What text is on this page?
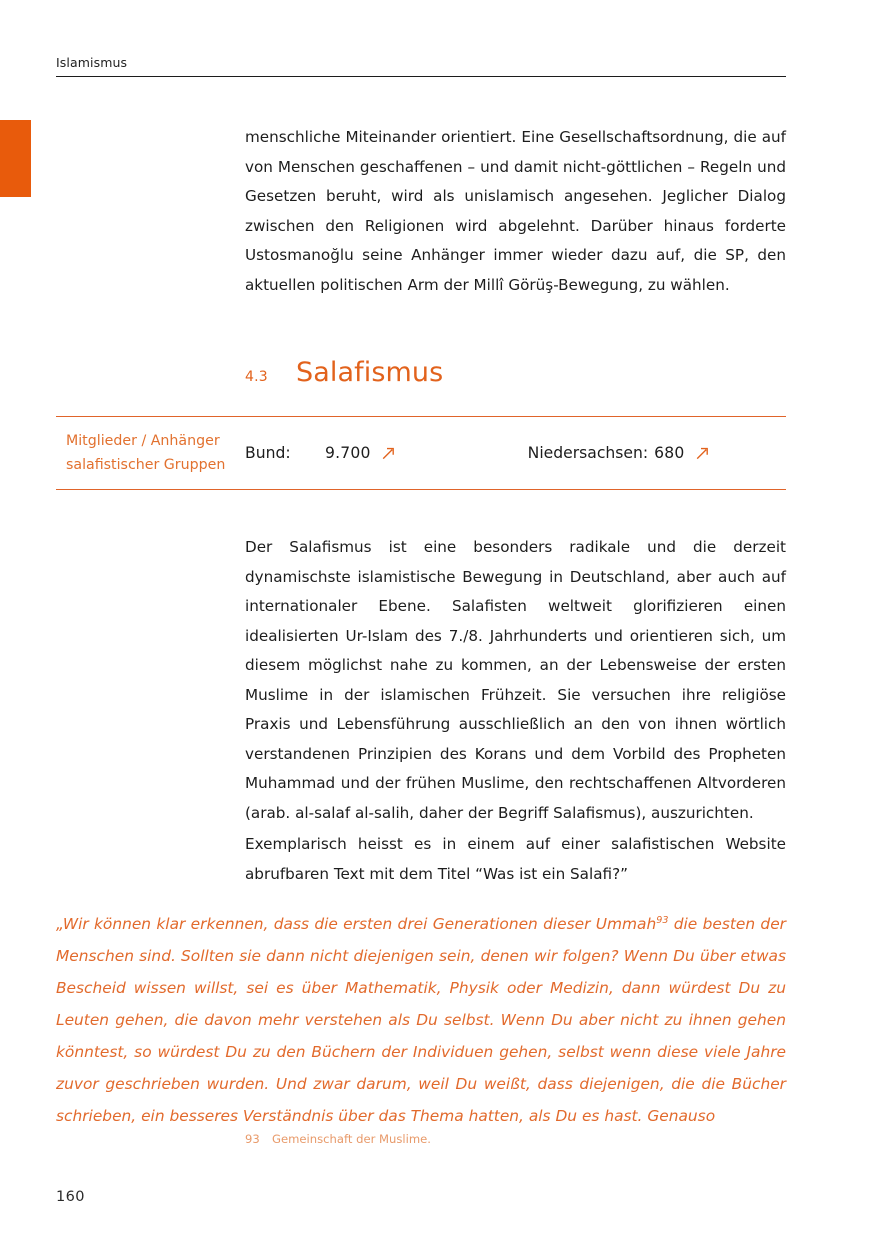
Islamismus

menschliche Miteinander orientiert. Eine Gesellschaftsordnung, die auf von Menschen geschaffenen – und damit nicht-göttlichen – Regeln und Gesetzen beruht, wird als unislamisch angesehen. Jeglicher Dialog zwischen den Religionen wird abgelehnt. Darüber hinaus forderte Ustosmanoğlu seine Anhänger immer wieder dazu auf, die SP, den aktuellen politischen Arm der Millî Görüş-Bewegung, zu wählen.

4.3	Salafismus
Mitglieder / Anhänger salafistischer Gruppen
Bund:	9.700	Niedersachsen: 680

Der Salafismus ist eine besonders radikale und die derzeit dynamischste islamistische Bewegung in Deutschland, aber auch auf internationaler Ebene. Salafisten weltweit glorifizieren einen idealisierten Ur-Islam des 7./8. Jahrhunderts und orientieren sich, um diesem möglichst nahe zu kommen, an der Lebensweise der ersten Muslime in der islamischen Frühzeit. Sie versuchen ihre religiöse Praxis und Lebensführung ausschließlich an den von ihnen wörtlich verstandenen Prinzipien des Korans und dem Vorbild des Propheten Muhammad und der frühen Muslime, den rechtschaffenen Altvorderen (arab. al-salaf al-salih, daher der Begriff Salafismus), auszurichten.

Exemplarisch heisst es in einem auf einer salafistischen Website abrufbaren Text mit dem Titel “Was ist ein Salafi?”

„Wir können klar erkennen, dass die ersten drei Generationen dieser Ummah$^{93}$ die besten der Menschen sind. Sollten sie dann nicht diejenigen sein, denen wir folgen? Wenn Du über etwas Bescheid wissen willst, sei es über Mathematik, Physik oder Medizin, dann würdest Du zu Leuten gehen, die davon mehr verstehen als Du selbst. Wenn Du aber nicht zu ihnen gehen könntest, so würdest Du zu den Büchern der Individuen gehen, selbst wenn diese viele Jahre zuvor geschrieben wurden. Und zwar darum, weil Du weißt, dass diejenigen, die die Bücher schrieben, ein besseres Verständnis über das Thema hatten, als Du es hast. Genauso
93	Gemeinschaft der Muslime.
160
